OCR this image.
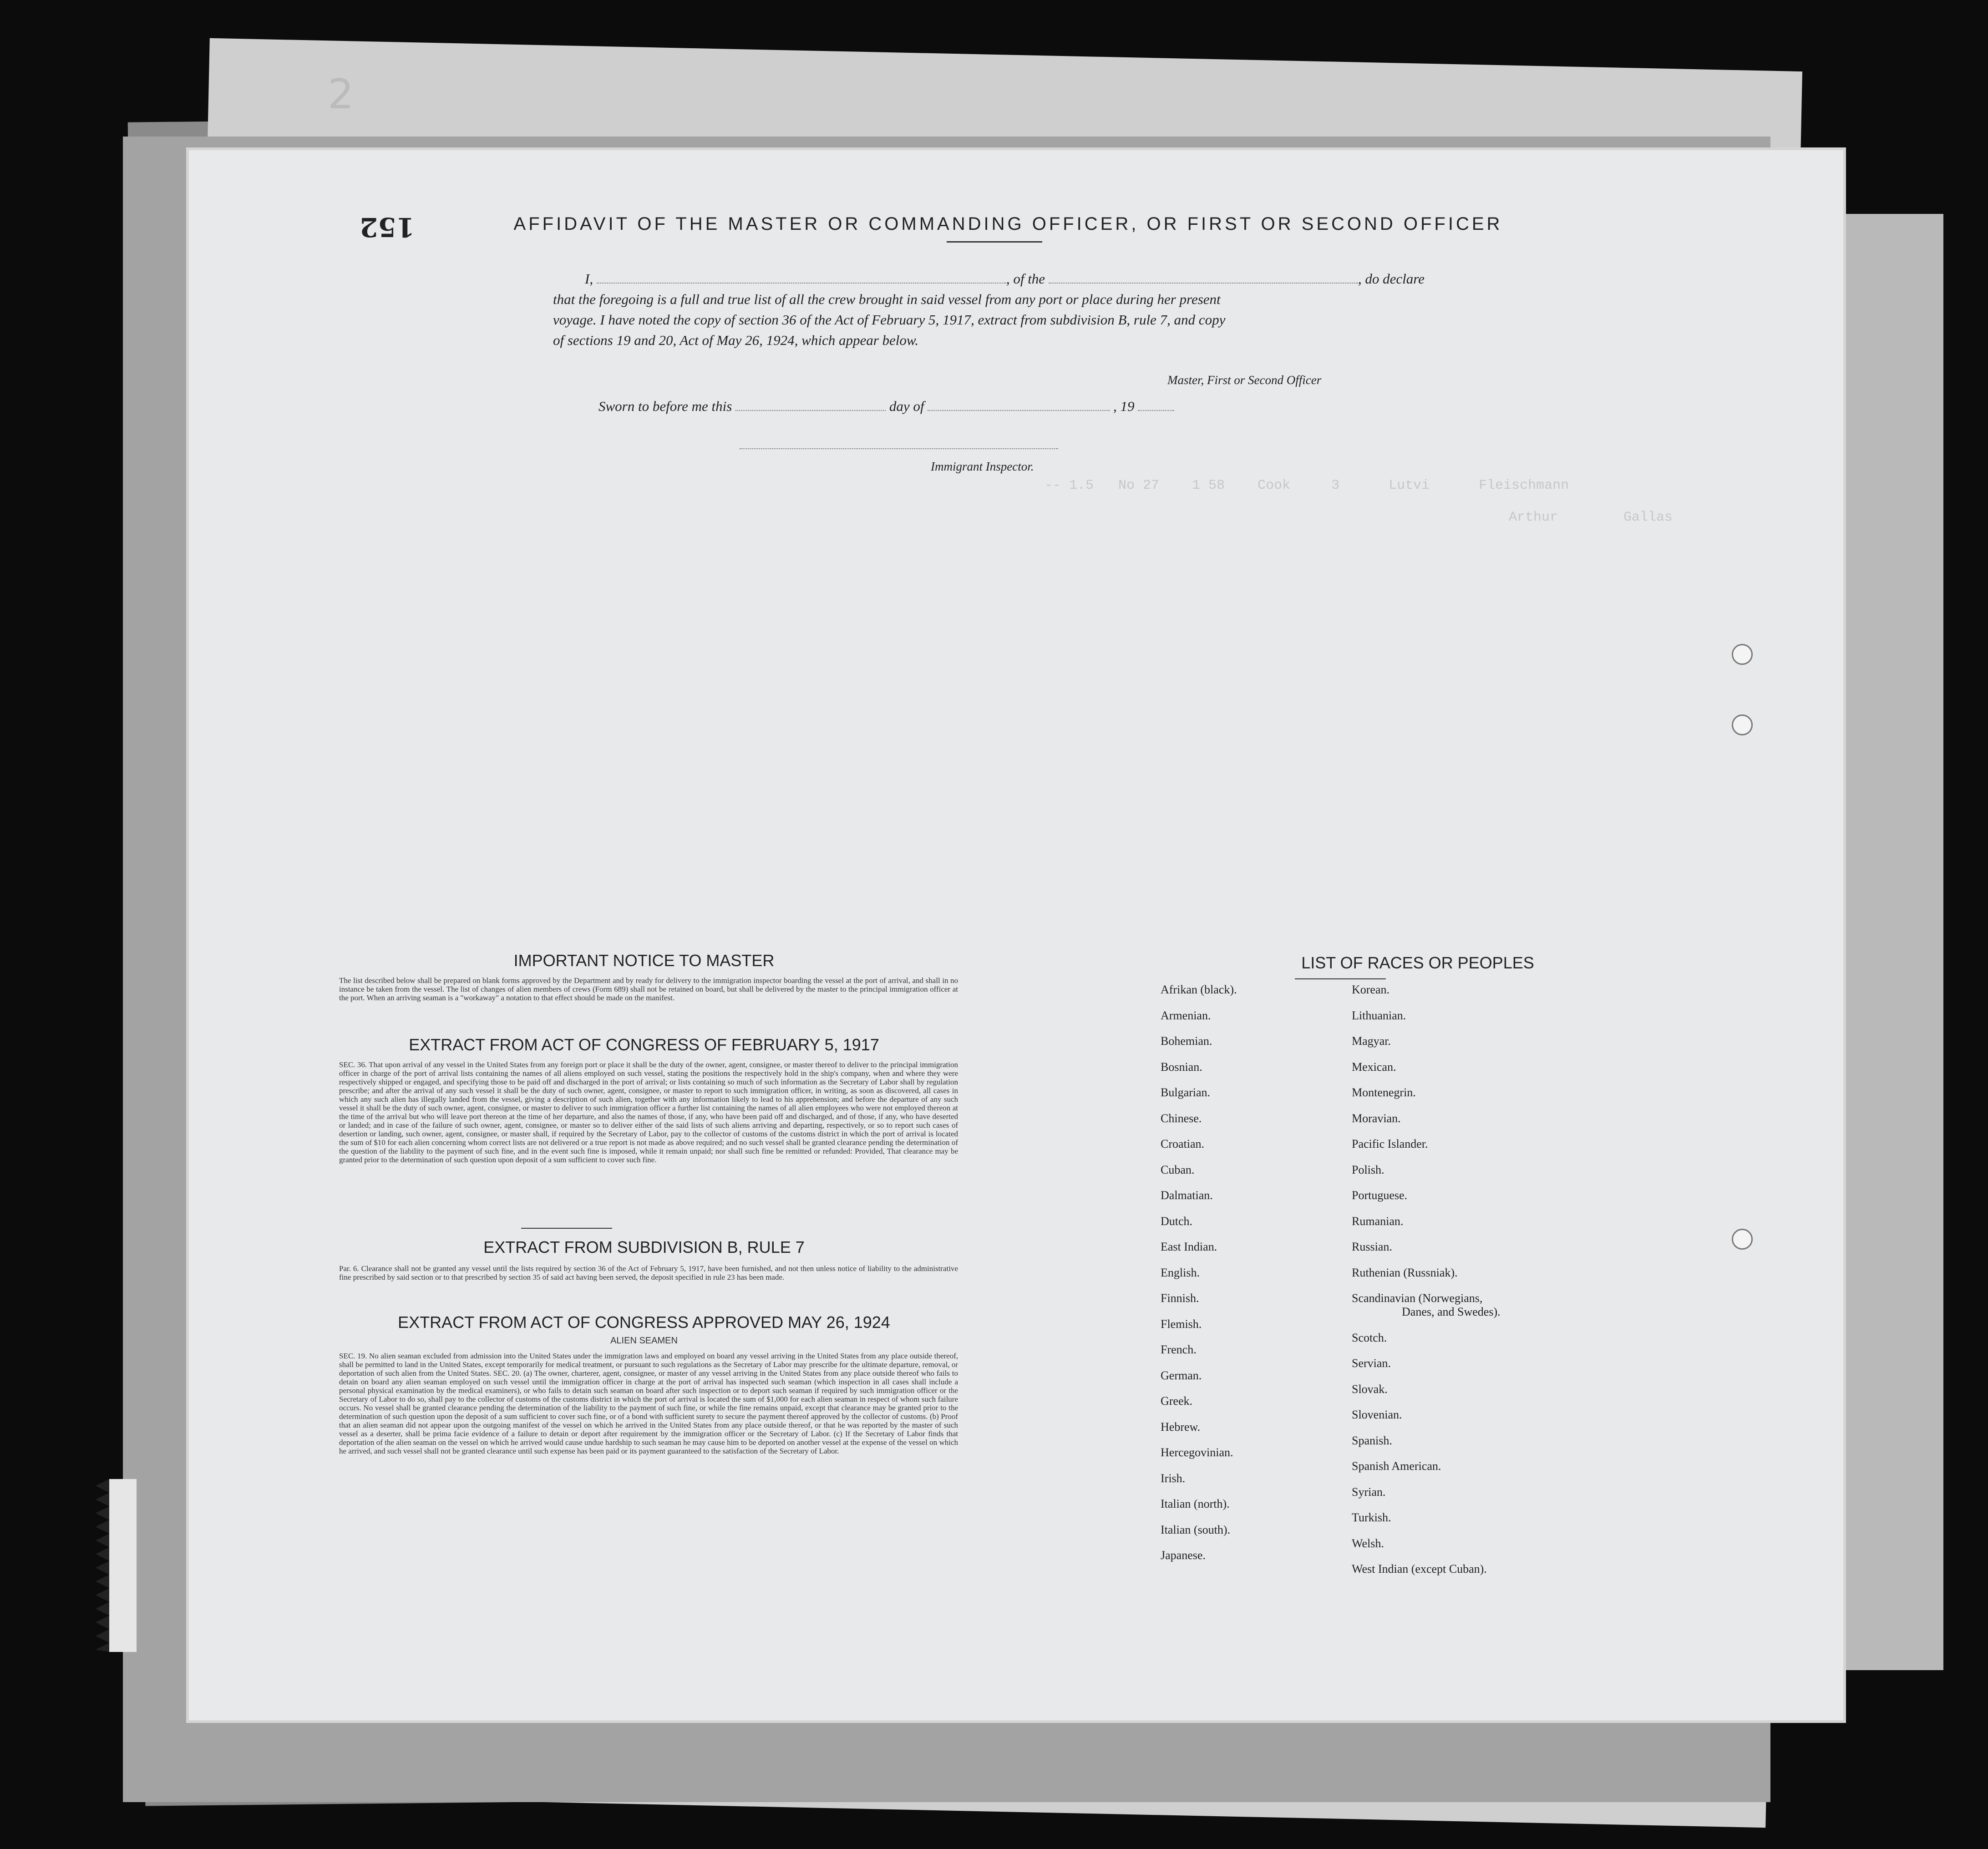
2
-- 1.5   No 27    1 58    Cook     3      Lutvi      Fleischmann
Arthur        Gallas
152	AFFIDAVIT OF THE MASTER OR COMMANDING OFFICER, OR FIRST OR SECOND OFFICER
I,	, of the	, do declare
that the foregoing is a full and true list of all the crew brought in said vessel from any port or place during her present
voyage. I have noted the copy of section 36 of the Act of February 5, 1917, extract from subdivision B, rule 7, and copy
of sections 19 and 20, Act of May 26, 1924, which appear below.
Master, First or Second Officer
Sworn to before me this	day of	, 19
Immigrant Inspector.
IMPORTANT NOTICE TO MASTER
The list described below shall be prepared on blank forms approved by the Department and by ready for delivery to the immigration inspector boarding the vessel at the port of arrival, and shall in no instance be taken from the vessel. The list of changes of alien members of crews (Form 689) shall not be retained on board, but shall be delivered by the master to the principal immigration officer at the port. When an arriving seaman is a "workaway" a notation to that effect should be made on the manifest.
EXTRACT FROM ACT OF CONGRESS OF FEBRUARY 5, 1917
SEC. 36. That upon arrival of any vessel in the United States from any foreign port or place it shall be the duty of the owner, agent, consignee, or master thereof to deliver to the principal immigration officer in charge of the port of arrival lists containing the names of all aliens employed on such vessel, stating the positions the respectively hold in the ship's company, when and where they were respectively shipped or engaged, and specifying those to be paid off and discharged in the port of arrival; or lists containing so much of such information as the Secretary of Labor shall by regulation prescribe; and after the arrival of any such vessel it shall be the duty of such owner, agent, consignee, or master to report to such immigration officer, in writing, as soon as discovered, all cases in which any such alien has illegally landed from the vessel, giving a description of such alien, together with any information likely to lead to his apprehension; and before the departure of any such vessel it shall be the duty of such owner, agent, consignee, or master to deliver to such immigration officer a further list containing the names of all alien employees who were not employed thereon at the time of the arrival but who will leave port thereon at the time of her departure, and also the names of those, if any, who have been paid off and discharged, and of those, if any, who have deserted or landed; and in case of the failure of such owner, agent, consignee, or master so to deliver either of the said lists of such aliens arriving and departing, respectively, or so to report such cases of desertion or landing, such owner, agent, consignee, or master shall, if required by the Secretary of Labor, pay to the collector of customs of the customs district in which the port of arrival is located the sum of $10 for each alien concerning whom correct lists are not delivered or a true report is not made as above required; and no such vessel shall be granted clearance pending the determination of the question of the liability to the payment of such fine, and in the event such fine is imposed, while it remain unpaid; nor shall such fine be remitted or refunded: Provided, That clearance may be granted prior to the determination of such question upon deposit of a sum sufficient to cover such fine.
EXTRACT FROM SUBDIVISION B, RULE 7
Par. 6. Clearance shall not be granted any vessel until the lists required by section 36 of the Act of February 5, 1917, have been furnished, and not then unless notice of liability to the administrative fine prescribed by said section or to that prescribed by section 35 of said act having been served, the deposit specified in rule 23 has been made.
EXTRACT FROM ACT OF CONGRESS APPROVED MAY 26, 1924
ALIEN SEAMEN
SEC. 19. No alien seaman excluded from admission into the United States under the immigration laws and employed on board any vessel arriving in the United States from any place outside thereof, shall be permitted to land in the United States, except temporarily for medical treatment, or pursuant to such regulations as the Secretary of Labor may prescribe for the ultimate departure, removal, or deportation of such alien from the United States. SEC. 20. (a) The owner, charterer, agent, consignee, or master of any vessel arriving in the United States from any place outside thereof who fails to detain on board any alien seaman employed on such vessel until the immigration officer in charge at the port of arrival has inspected such seaman (which inspection in all cases shall include a personal physical examination by the medical examiners), or who fails to detain such seaman on board after such inspection or to deport such seaman if required by such immigration officer or the Secretary of Labor to do so, shall pay to the collector of customs of the customs district in which the port of arrival is located the sum of $1,000 for each alien seaman in respect of whom such failure occurs. No vessel shall be granted clearance pending the determination of the liability to the payment of such fine, or while the fine remains unpaid, except that clearance may be granted prior to the determination of such question upon the deposit of a sum sufficient to cover such fine, or of a bond with sufficient surety to secure the payment thereof approved by the collector of customs. (b) Proof that an alien seaman did not appear upon the outgoing manifest of the vessel on which he arrived in the United States from any place outside thereof, or that he was reported by the master of such vessel as a deserter, shall be prima facie evidence of a failure to detain or deport after requirement by the immigration officer or the Secretary of Labor. (c) If the Secretary of Labor finds that deportation of the alien seaman on the vessel on which he arrived would cause undue hardship to such seaman he may cause him to be deported on another vessel at the expense of the vessel on which he arrived, and such vessel shall not be granted clearance until such expense has been paid or its payment guaranteed to the satisfaction of the Secretary of Labor.
LIST OF RACES OR PEOPLES
Afrikan (black).
Armenian.
Bohemian.
Bosnian.
Bulgarian.
Chinese.
Croatian.
Cuban.
Dalmatian.
Dutch.
East Indian.
English.
Finnish.
Flemish.
French.
German.
Greek.
Hebrew.
Hercegovinian.
Irish.
Italian (north).
Italian (south).
Japanese.
Korean.
Lithuanian.
Magyar.
Mexican.
Montenegrin.
Moravian.
Pacific Islander.
Polish.
Portuguese.
Rumanian.
Russian.
Ruthenian (Russniak).
Scandinavian (Norwegians,
Danes, and Swedes).
Scotch.
Servian.
Slovak.
Slovenian.
Spanish.
Spanish American.
Syrian.
Turkish.
Welsh.
West Indian (except Cuban).
